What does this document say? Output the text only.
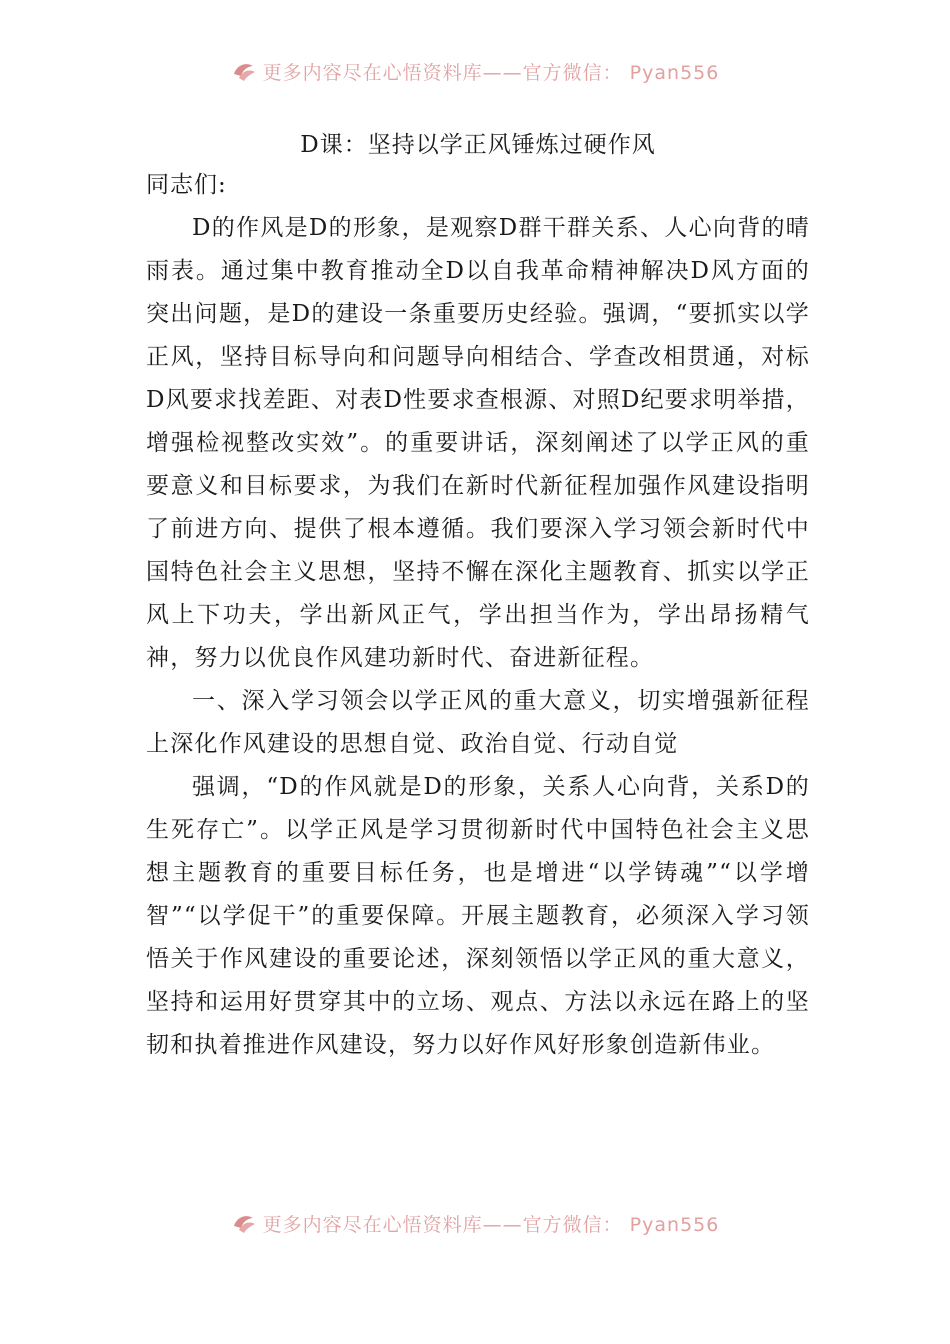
更多内容尽在心悟资料库——官方微信： Pyan556
D课：坚持以学正风锤炼过硬作风

同志们:

D的作风是D的形象，是观察D群干群关系、人心向背的晴雨表。通过集中教育推动全D以自我革命精神解决D风方面的突出问题，是D的建设一条重要历史经验。强调，“要抓实以学正风，坚持目标导向和问题导向相结合、学查改相贯通，对标D风要求找差距、对表D性要求查根源、对照D纪要求明举措，增强检视整改实效”。的重要讲话，深刻阐述了以学正风的重要意义和目标要求，为我们在新时代新征程加强作风建设指明了前进方向、提供了根本遵循。我们要深入学习领会新时代中国特色社会主义思想，坚持不懈在深化主题教育、抓实以学正风上下功夫，学出新风正气，学出担当作为，学出昂扬精气神，努力以优良作风建功新时代、奋进新征程。

一、深入学习领会以学正风的重大意义，切实增强新征程上深化作风建设的思想自觉、政治自觉、行动自觉

强调，“D的作风就是D的形象，关系人心向背，关系D的生死存亡”。以学正风是学习贯彻新时代中国特色社会主义思想主题教育的重要目标任务，也是增进“以学铸魂”“以学增智”“以学促干”的重要保障。开展主题教育，必须深入学习领悟关于作风建设的重要论述，深刻领悟以学正风的重大意义，坚持和运用好贯穿其中的立场、观点、方法以永远在路上的坚韧和执着推进作风建设，努力以好作风好形象创造新伟业。

更多内容尽在心悟资料库——官方微信： Pyan556
